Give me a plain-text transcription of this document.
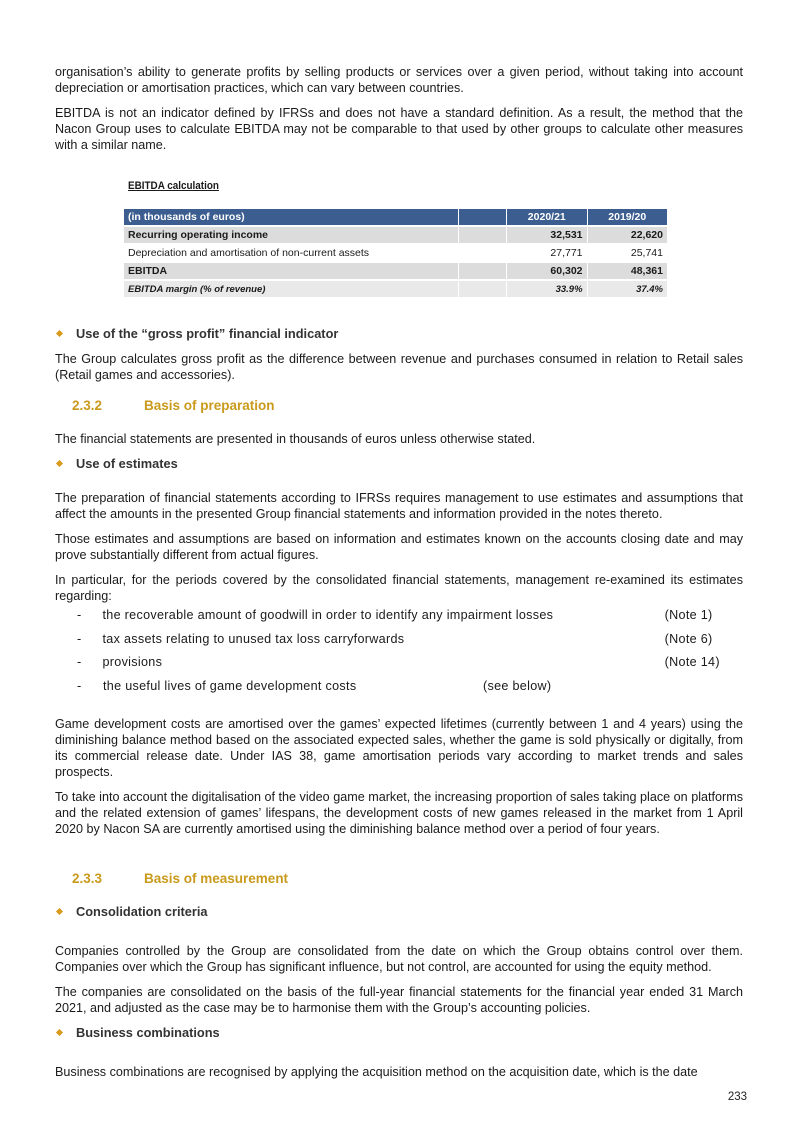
organisation’s ability to generate profits by selling products or services over a given period, without taking into account depreciation or amortisation practices, which can vary between countries.

EBITDA is not an indicator defined by IFRSs and does not have a standard definition. As a result, the method that the Nacon Group uses to calculate EBITDA may not be comparable to that used by other groups to calculate other measures with a similar name.

EBITDA calculation
(in thousands of euros)		2020/21	2019/20
Recurring operating income		32,531	22,620
Depreciation and amortisation of non-current assets		27,771	25,741
EBITDA		60,302	48,361
EBITDA margin (% of revenue)		33.9%	37.4%
Use of the “gross profit” financial indicator

The Group calculates gross profit as the difference between revenue and purchases consumed in relation to Retail sales (Retail games and accessories).

2.3.2	Basis of preparation

The financial statements are presented in thousands of euros unless otherwise stated.

Use of estimates

The preparation of financial statements according to IFRSs requires management to use estimates and assumptions that affect the amounts in the presented Group financial statements and information provided in the notes thereto.

Those estimates and assumptions are based on information and estimates known on the accounts closing date and may prove substantially different from actual figures.

In particular, for the periods covered by the consolidated financial statements, management re-examined its estimates regarding:

-	the recoverable amount of goodwill in order to identify any impairment losses	(Note 1)
-	tax assets relating to unused tax loss carryforwards	(Note 6)
-	provisions	(Note 14)
-	the useful lives of game development costs	(see below)

Game development costs are amortised over the games’ expected lifetimes (currently between 1 and 4 years) using the diminishing balance method based on the associated expected sales, whether the game is sold physically or digitally, from its commercial release date. Under IAS 38, game amortisation periods vary according to market trends and sales prospects.

To take into account the digitalisation of the video game market, the increasing proportion of sales taking place on platforms and the related extension of games’ lifespans, the development costs of new games released in the market from 1 April 2020 by Nacon SA are currently amortised using the diminishing balance method over a period of four years.

2.3.3	Basis of measurement
Consolidation criteria

Companies controlled by the Group are consolidated from the date on which the Group obtains control over them. Companies over which the Group has significant influence, but not control, are accounted for using the equity method.

The companies are consolidated on the basis of the full-year financial statements for the financial year ended 31 March 2021, and adjusted as the case may be to harmonise them with the Group’s accounting policies.

Business combinations

Business combinations are recognised by applying the acquisition method on the acquisition date, which is the date

233
